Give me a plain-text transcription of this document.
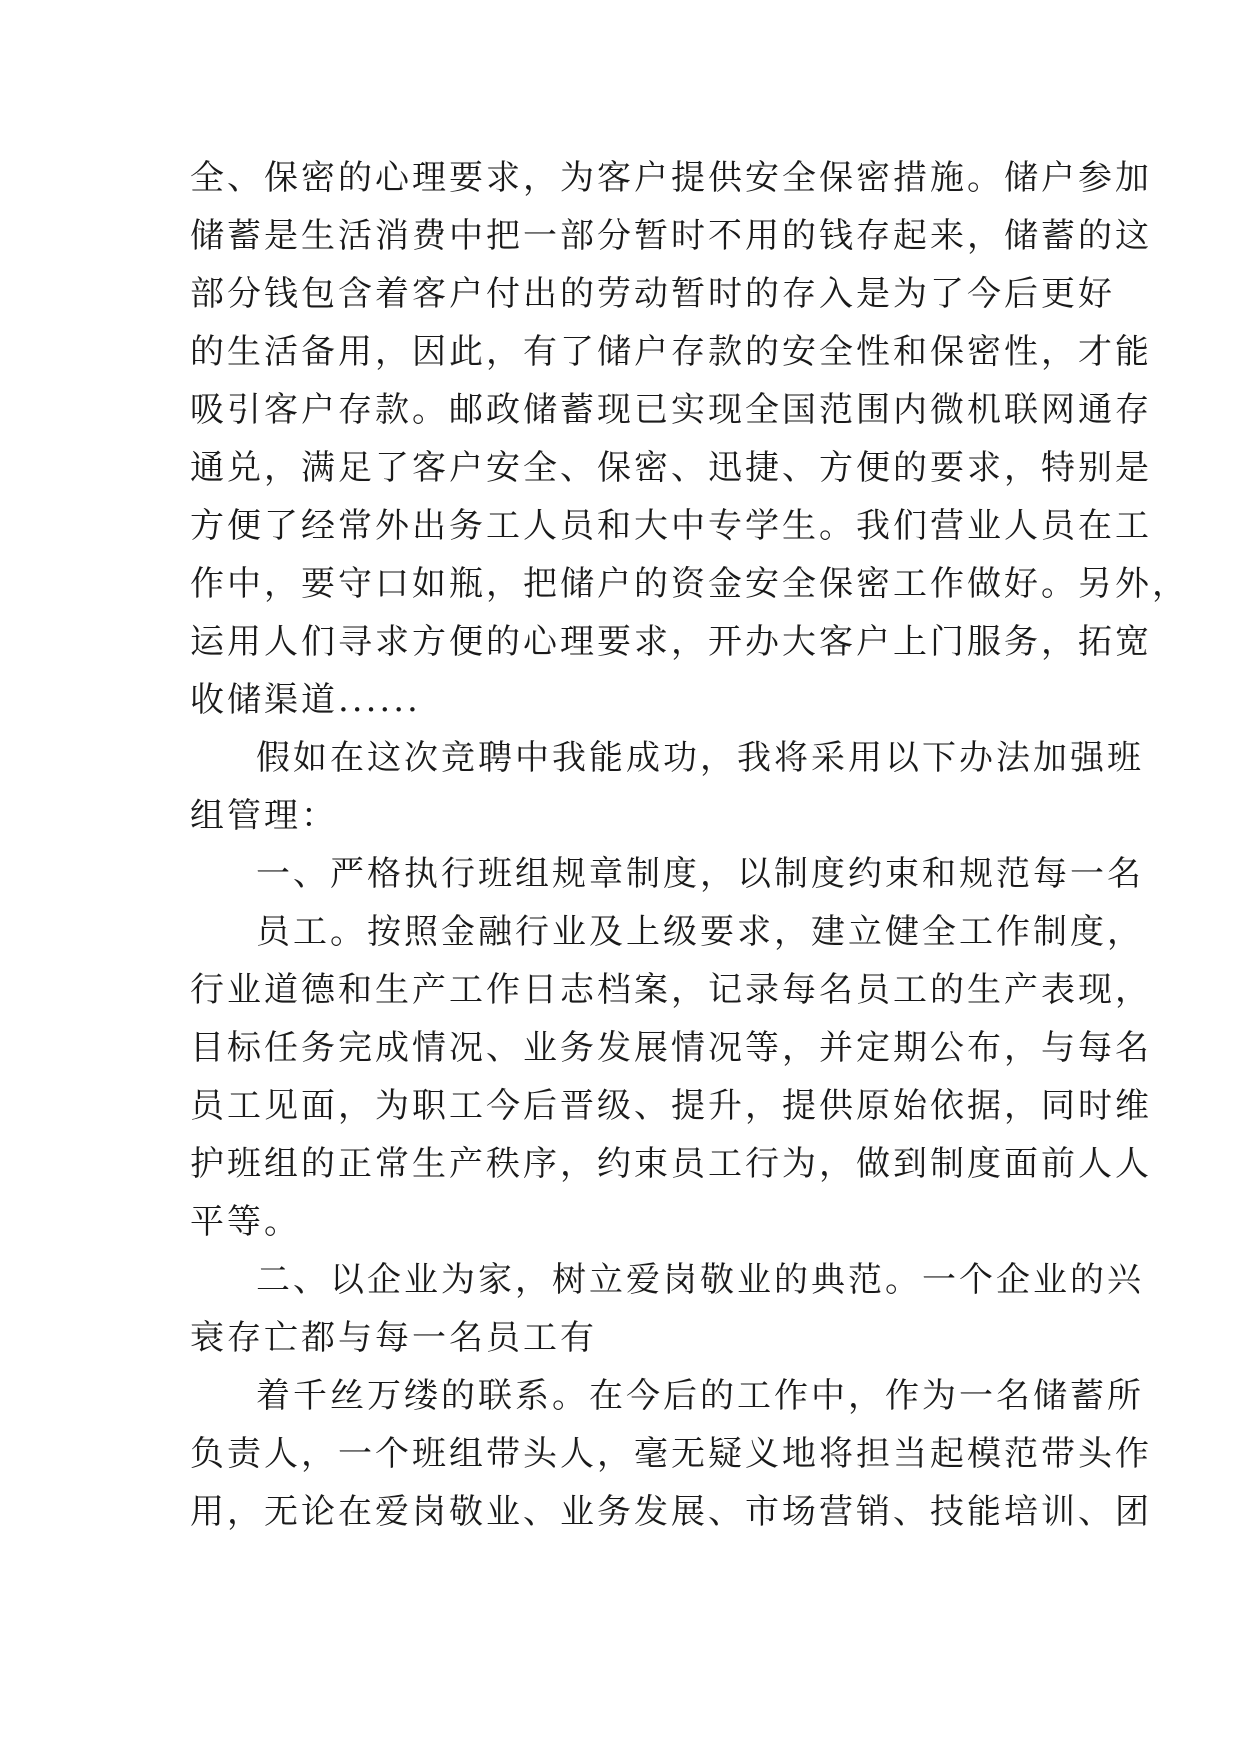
全、保密的心理要求，为客户提供安全保密措施。储户参加
储蓄是生活消费中把一部分暂时不用的钱存起来，储蓄的这
部分钱包含着客户付出的劳动暂时的存入是为了今后更好
的生活备用，因此，有了储户存款的安全性和保密性，才能
吸引客户存款。邮政储蓄现已实现全国范围内微机联网通存
通兑，满足了客户安全、保密、迅捷、方便的要求，特别是
方便了经常外出务工人员和大中专学生。我们营业人员在工
作中，要守口如瓶，把储户的资金安全保密工作做好。另外，
运用人们寻求方便的心理要求，开办大客户上门服务，拓宽
收储渠道......
假如在这次竞聘中我能成功，我将采用以下办法加强班
组管理：
一、严格执行班组规章制度，以制度约束和规范每一名
员工。按照金融行业及上级要求，建立健全工作制度，
行业道德和生产工作日志档案，记录每名员工的生产表现，
目标任务完成情况、业务发展情况等，并定期公布，与每名
员工见面，为职工今后晋级、提升，提供原始依据，同时维
护班组的正常生产秩序，约束员工行为，做到制度面前人人
平等。
二、以企业为家，树立爱岗敬业的典范。一个企业的兴
衰存亡都与每一名员工有
着千丝万缕的联系。在今后的工作中，作为一名储蓄所
负责人，一个班组带头人，毫无疑义地将担当起模范带头作
用，无论在爱岗敬业、业务发展、市场营销、技能培训、团
